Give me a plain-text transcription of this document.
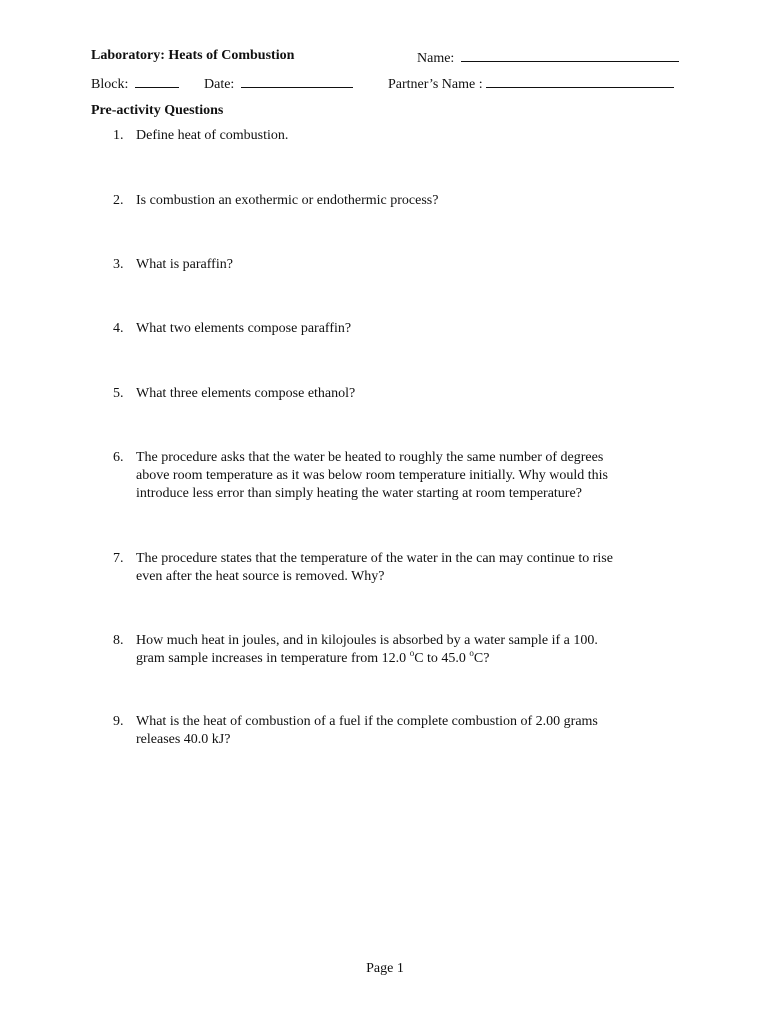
Laboratory: Heats of Combustion	Name:
Block:	Date:	Partner’s Name :
Pre-activity Questions
1. Define heat of combustion.
2. Is combustion an exothermic or endothermic process?
3. What is paraffin?
4. What two elements compose paraffin?
5. What three elements compose ethanol?
6. The procedure asks that the water be heated to roughly the same number of degrees
above room temperature as it was below room temperature initially. Why would this
introduce less error than simply heating the water starting at room temperature?
7. The procedure states that the temperature of the water in the can may continue to rise
even after the heat source is removed. Why?
8. How much heat in joules, and in kilojoules is absorbed by a water sample if a 100.
gram sample increases in temperature from 12.0 $^o$C to 45.0 $^o$C?
9. What is the heat of combustion of a fuel if the complete combustion of 2.00 grams
releases 40.0 kJ?
Page 1
